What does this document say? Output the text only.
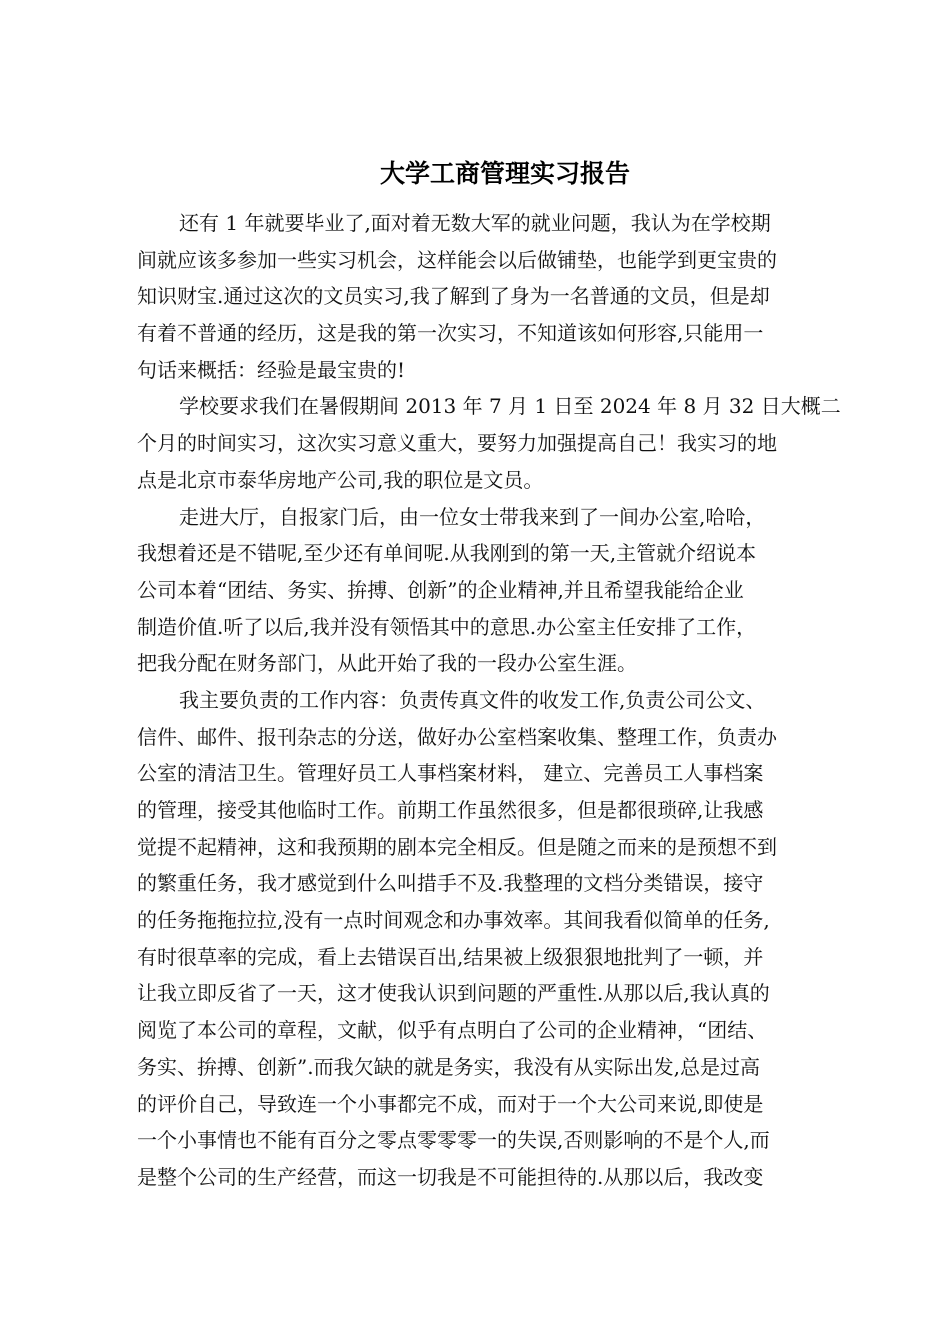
大学工商管理实习报告
还有 1 年就要毕业了,面对着无数大军的就业问题，我认为在学校期
间就应该多参加一些实习机会，这样能会以后做铺垫，也能学到更宝贵的
知识财宝.通过这次的文员实习,我了解到了身为一名普通的文员，但是却
有着不普通的经历，这是我的第一次实习，不知道该如何形容,只能用一
句话来概括：经验是最宝贵的!
学校要求我们在暑假期间 2013 年 7 月 1 日至 2024 年 8 月 32 日大概二
个月的时间实习，这次实习意义重大，要努力加强提高自己！我实习的地
点是北京市泰华房地产公司,我的职位是文员。
走进大厅，自报家门后，由一位女士带我来到了一间办公室,哈哈，
我想着还是不错呢,至少还有单间呢.从我刚到的第一天,主管就介绍说本
公司本着“团结、务实、拚搏、创新”的企业精神,并且希望我能给企业
制造价值.听了以后,我并没有领悟其中的意思.办公室主任安排了工作，
把我分配在财务部门，从此开始了我的一段办公室生涯。
我主要负责的工作内容：负责传真文件的收发工作,负责公司公文、
信件、邮件、报刊杂志的分送，做好办公室档案收集、整理工作，负责办
公室的清洁卫生。管理好员工人事档案材料， 建立、完善员工人事档案
的管理，接受其他临时工作。前期工作虽然很多，但是都很琐碎,让我感
觉提不起精神，这和我预期的剧本完全相反。但是随之而来的是预想不到
的繁重任务，我才感觉到什么叫措手不及.我整理的文档分类错误，接守
的任务拖拖拉拉,没有一点时间观念和办事效率。其间我看似简单的任务,
有时很草率的完成，看上去错误百出,结果被上级狠狠地批判了一顿，并
让我立即反省了一天，这才使我认识到问题的严重性.从那以后,我认真的
阅览了本公司的章程，文献，似乎有点明白了公司的企业精神，“团结、
务实、拚搏、创新”.而我欠缺的就是务实，我没有从实际出发,总是过高
的评价自己，导致连一个小事都完不成，而对于一个大公司来说,即使是
一个小事情也不能有百分之零点零零零一的失误,否则影响的不是个人,而
是整个公司的生产经营，而这一切我是不可能担待的.从那以后，我改变
